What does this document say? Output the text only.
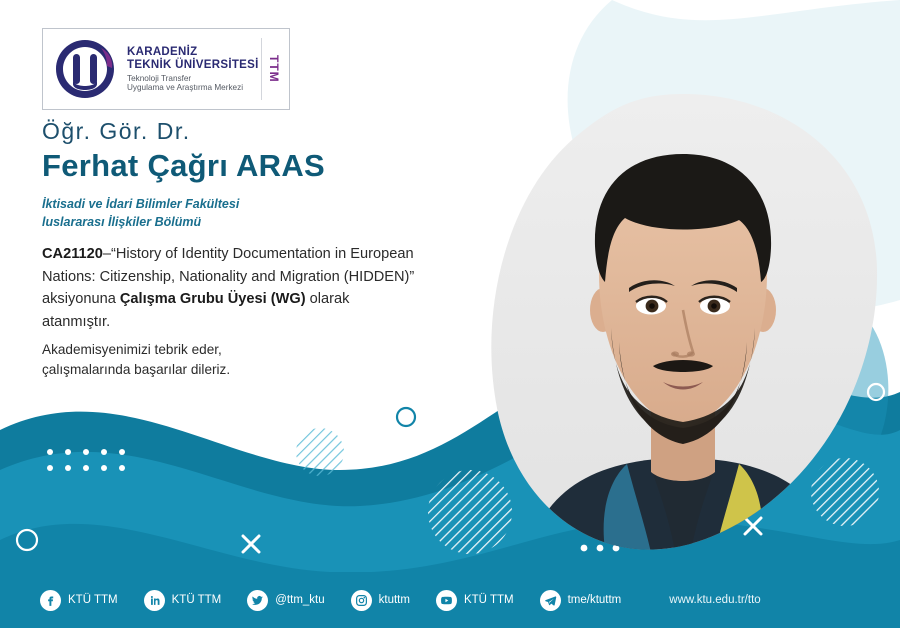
KARADENİZ
TEKNİK ÜNİVERSİTESİ
Teknoloji Transfer
Uygulama ve Araştırma Merkezi
TTM
Öğr. Gör. Dr.
Ferhat Çağrı ARAS
İktisadi ve İdari Bilimler Fakültesi
luslararası İlişkiler Bölümü
CA21120–“History of Identity Documentation in European Nations: Citizenship, Nationality and Migration (HIDDEN)” aksiyonuna Çalışma Grubu Üyesi (WG) olarak atanmıştır.
Akademisyenimizi tebrik eder,
çalışmalarında başarılar dileriz.
KTÜ TTM	KTÜ TTM	@ttm_ktu	ktuttm	KTÜ TTM	tme/ktuttm	www.ktu.edu.tr/tto
